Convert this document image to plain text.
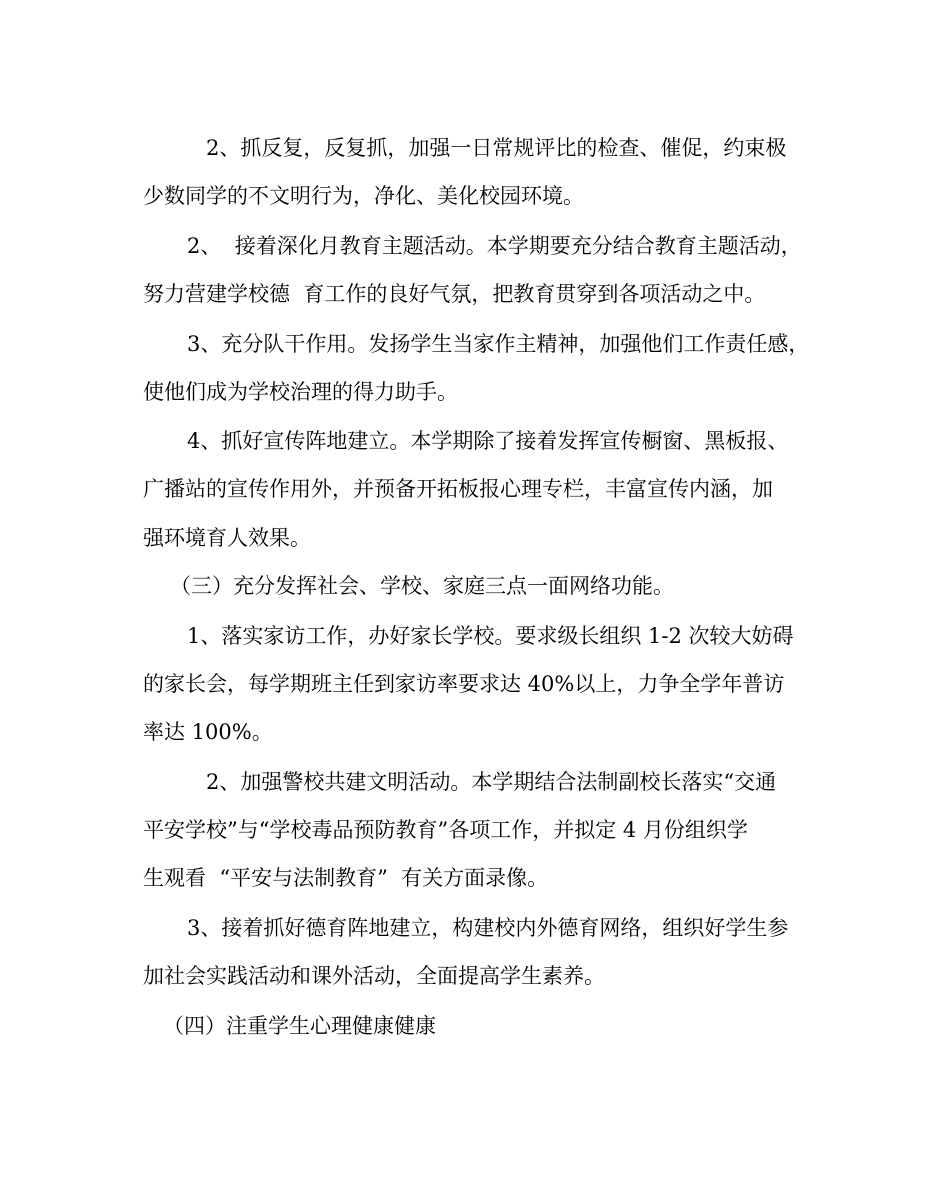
2、抓反复，反复抓，加强一日常规评比的检查、催促，约束极
少数同学的不文明行为，净化、美化校园环境。
2、  接着深化月教育主题活动。本学期要充分结合教育主题活动，
努力营建学校德  育工作的良好气氛，把教育贯穿到各项活动之中。
3、充分队干作用。发扬学生当家作主精神，加强他们工作责任感，
使他们成为学校治理的得力助手。
4、抓好宣传阵地建立。本学期除了接着发挥宣传橱窗、黑板报、
广播站的宣传作用外，并预备开拓板报心理专栏，丰富宣传内涵，加
强环境育人效果。
（三）充分发挥社会、学校、家庭三点一面网络功能。
1、落实家访工作，办好家长学校。要求级长组织 1-2 次较大妨碍
的家长会，每学期班主任到家访率要求达 40%以上，力争全学年普访
率达 100%。
2、加强警校共建文明活动。本学期结合法制副校长落实“交通
平安学校”与“学校毒品预防教育”各项工作，并拟定 4 月份组织学
生观看  “平安与法制教育”  有关方面录像。
3、接着抓好德育阵地建立，构建校内外德育网络，组织好学生参
加社会实践活动和课外活动，全面提高学生素养。
（四）注重学生心理健康健康
